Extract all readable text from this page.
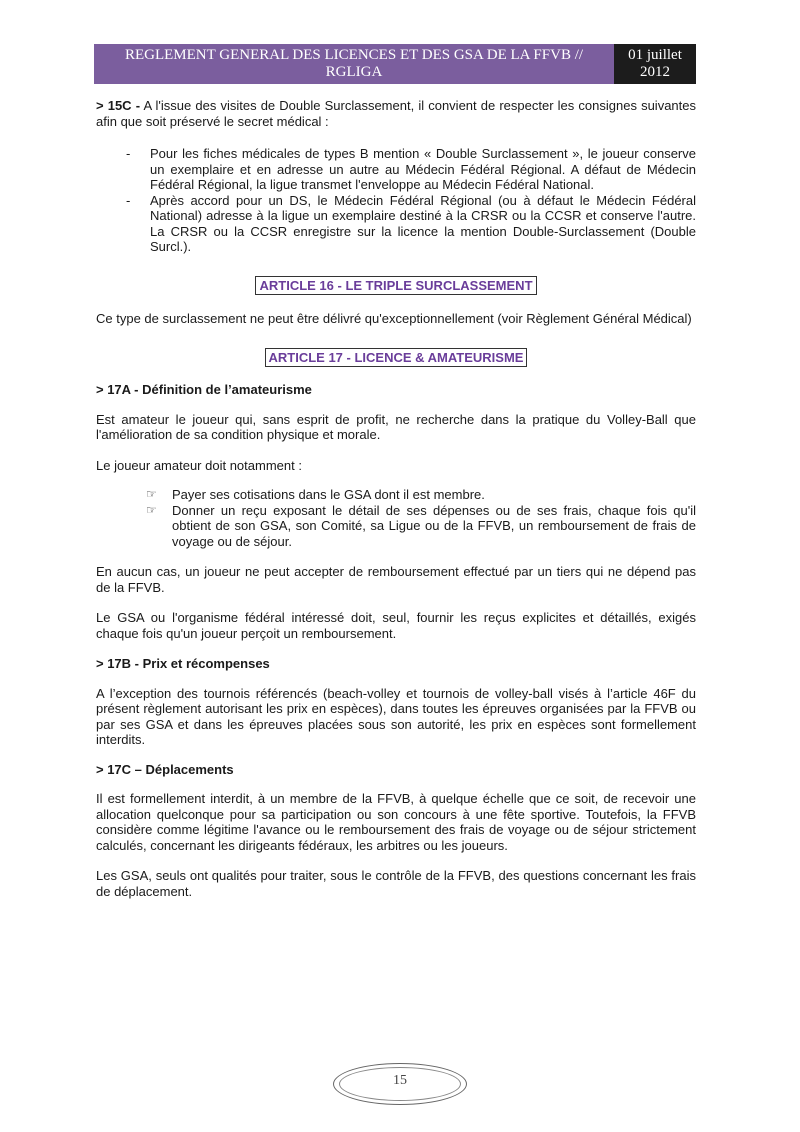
REGLEMENT GENERAL DES LICENCES ET DES GSA DE LA FFVB //
RGLIGA
01 juillet
2012

> 15C - A l'issue des visites de Double Surclassement, il convient de respecter les consignes suivantes afin que soit préservé le secret médical :

- Pour les fiches médicales de types B mention « Double Surclassement », le joueur conserve un exemplaire et en adresse un autre au Médecin Fédéral Régional. A défaut de Médecin Fédéral Régional, la ligue transmet l'enveloppe au Médecin Fédéral National.
- Après accord pour un DS, le Médecin Fédéral Régional (ou à défaut le Médecin Fédéral National) adresse à la ligue un exemplaire destiné à la CRSR ou la CCSR et conserve l'autre. La CRSR ou la CCSR enregistre sur la licence la mention Double-Surclassement (Double Surcl.).
ARTICLE 16 - LE TRIPLE SURCLASSEMENT

Ce type de surclassement ne peut être délivré qu'exceptionnellement (voir Règlement Général Médical)

ARTICLE 17 - LICENCE & AMATEURISME

> 17A - Définition de l’amateurisme

Est amateur le joueur qui, sans esprit de profit, ne recherche dans la pratique du Volley-Ball que l'amélioration de sa condition physique et morale.

Le joueur amateur doit notamment :

☞ Payer ses cotisations dans le GSA dont il est membre.
☞ Donner un reçu exposant le détail de ses dépenses ou de ses frais, chaque fois qu'il obtient de son GSA, son Comité, sa Ligue ou de la FFVB, un remboursement de frais de voyage ou de séjour.

En aucun cas, un joueur ne peut accepter de remboursement effectué par un tiers qui ne dépend pas de la FFVB.

Le GSA ou l'organisme fédéral intéressé doit, seul, fournir les reçus explicites et détaillés, exigés chaque fois qu'un joueur perçoit un remboursement.

> 17B - Prix et récompenses

A l’exception des tournois référencés (beach-volley et tournois de volley-ball visés à l’article 46F du présent règlement autorisant les prix en espèces), dans toutes les épreuves organisées par la FFVB ou par ses GSA et dans les épreuves placées sous son autorité, les prix en espèces sont formellement interdits.

> 17C – Déplacements

Il est formellement interdit, à un membre de la FFVB, à quelque échelle que ce soit, de recevoir une allocation quelconque pour sa participation ou son concours à une fête sportive. Toutefois, la FFVB considère comme légitime l'avance ou le remboursement des frais de voyage ou de séjour strictement calculés, concernant les dirigeants fédéraux, les arbitres ou les joueurs.

Les GSA, seuls ont qualités pour traiter, sous le contrôle de la FFVB, des questions concernant les frais de déplacement.

15
